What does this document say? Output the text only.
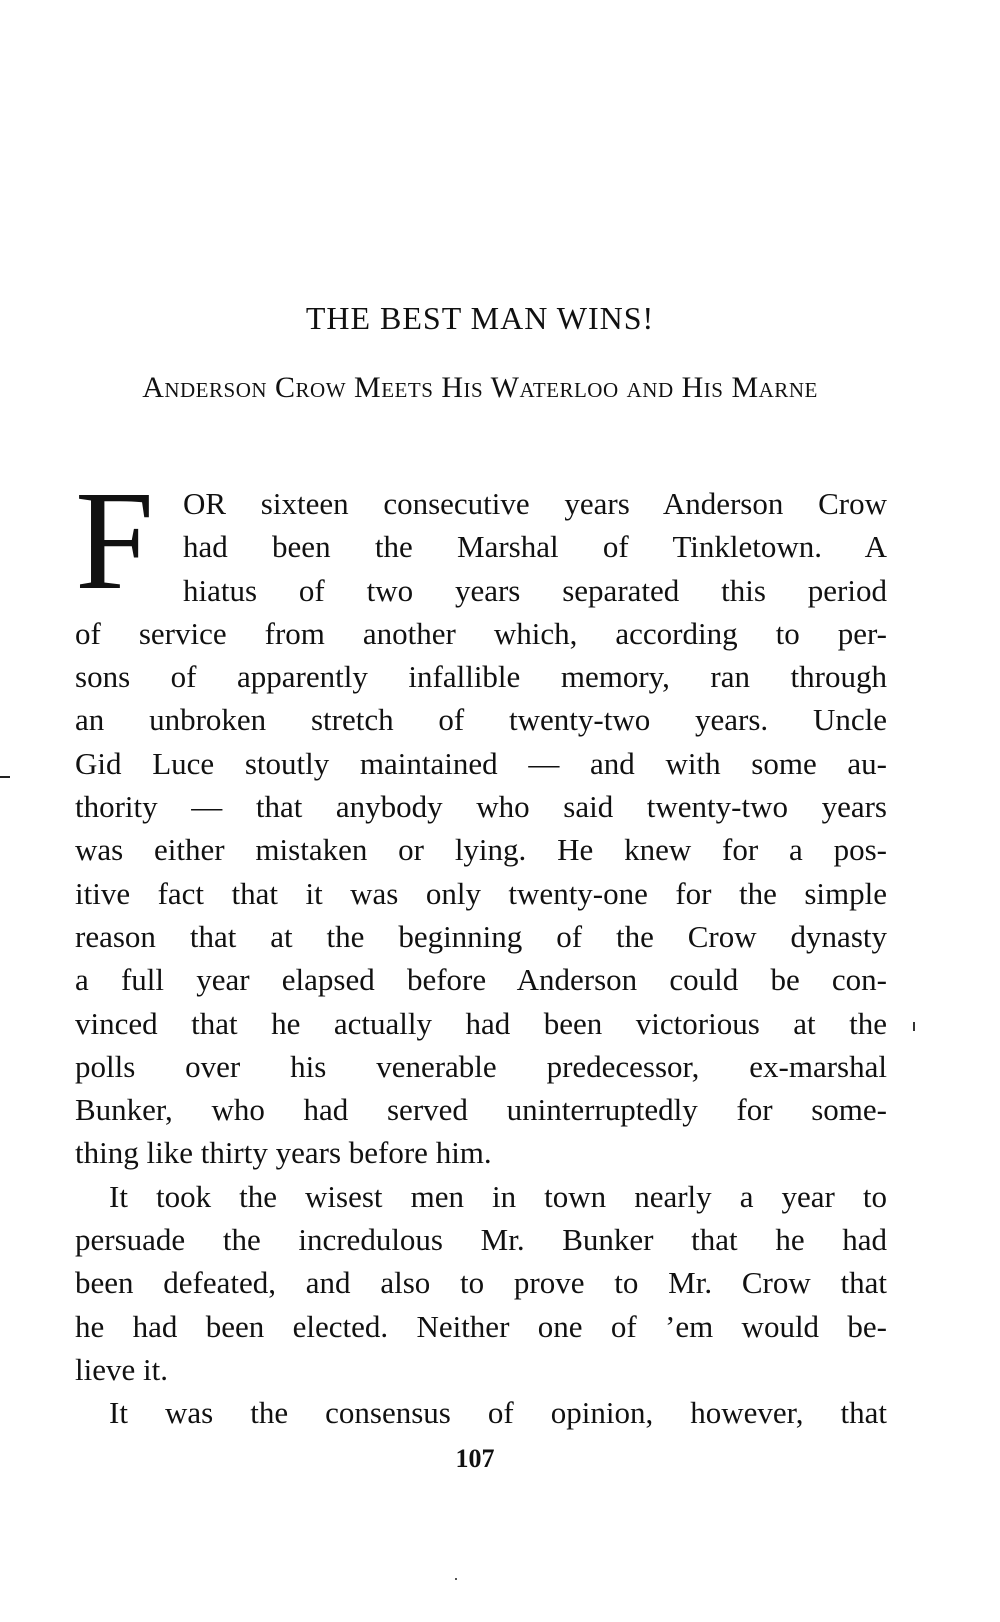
THE BEST MAN WINS!
Anderson Crow Meets His Waterloo and His Marne
F OR sixteen consecutive years Anderson Crow
had been the Marshal of Tinkletown. A
hiatus of two years separated this period
of service from another which, according to per-
sons of apparently infallible memory, ran through
an unbroken stretch of twenty-two years. Uncle
Gid Luce stoutly maintained — and with some au-
thority — that anybody who said twenty-two years
was either mistaken or lying. He knew for a pos-
itive fact that it was only twenty-one for the simple
reason that at the beginning of the Crow dynasty
a full year elapsed before Anderson could be con-
vinced that he actually had been victorious at the
polls over his venerable predecessor, ex-marshal
Bunker, who had served uninterruptedly for some-
thing like thirty years before him.
It took the wisest men in town nearly a year to
persuade the incredulous Mr. Bunker that he had
been defeated, and also to prove to Mr. Crow that
he had been elected. Neither one of ’em would be-
lieve it.
It was the consensus of opinion, however, that
107
